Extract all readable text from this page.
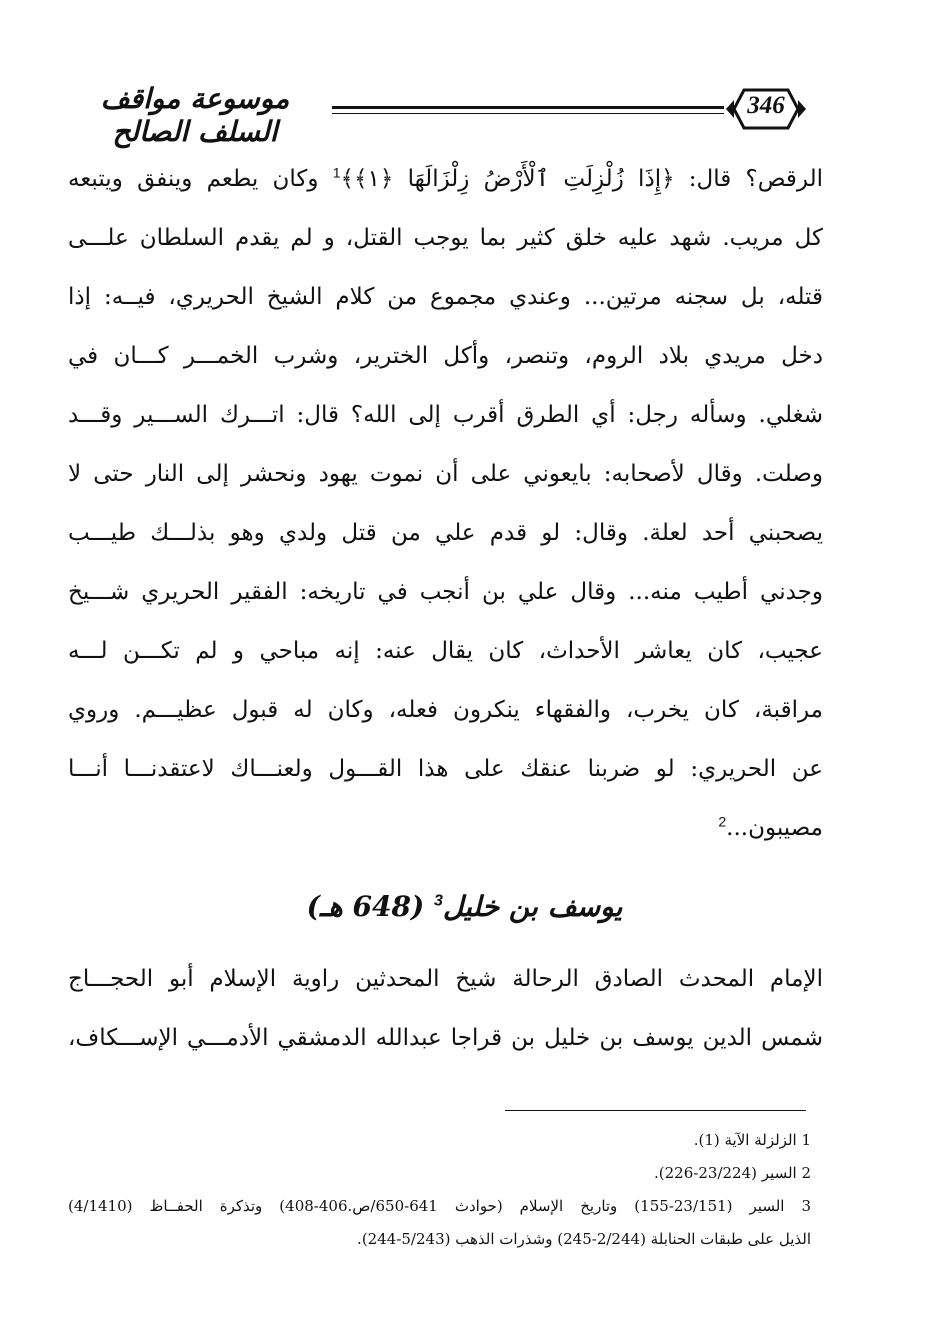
موسوعة مواقف السلف الصالح
346
الرقص؟ قال: ﴿إِذَا زُلْزِلَتِ ٱلْأَرْضُ زِلْزَالَهَا ﴿١﴾﴾$^1$ وكان يطعم وينفق ويتبعه
كل مريب. شهد عليه خلق كثير بما يوجب القتل، و لم يقدم السلطان علـــى
قتله، بل سجنه مرتين... وعندي مجموع من كلام الشيخ الحريري، فيــه: إذا
دخل مريدي بلاد الروم، وتنصر، وأكل الخترير، وشرب الخمـــر كـــان في
شغلي. وسأله رجل: أي الطرق أقرب إلى الله؟ قال: اتـــرك الســـير وقـــد
وصلت. وقال لأصحابه: بايعوني على أن نموت يهود ونحشر إلى النار حتى لا
يصحبني أحد لعلة. وقال: لو قدم علي من قتل ولدي وهو بذلـــك طيـــب
وجدني أطيب منه... وقال علي بن أنجب في تاريخه: الفقير الحريري شـــيخ
عجيب، كان يعاشر الأحداث، كان يقال عنه: إنه مباحي و لم تكـــن لـــه
مراقبة، كان يخرب، والفقهاء ينكرون فعله، وكان له قبول عظيـــم. وروي
عن الحريري: لو ضربنا عنقك على هذا القـــول ولعنـــاك لاعتقدنـــا أنـــا
مصيبون...$^2$
يوسف بن خليل$^3$ (648 هـ)
الإمام المحدث الصادق الرحالة شيخ المحدثين راوية الإسلام أبو الحجـــاج
شمس الدين يوسف بن خليل بن قراجا عبدالله الدمشقي الأدمـــي الإســـكاف،
1 الزلزلة الآية (1).
2 السير (23/224-226).
3 السير (23/151-155) وتاريخ الإسلام (حوادث 641-650/ص.406-408) وتذكرة الحفــاظ (4/1410)
الذيل على طبقات الحنابلة (2/244-245) وشذرات الذهب (5/243-244).
